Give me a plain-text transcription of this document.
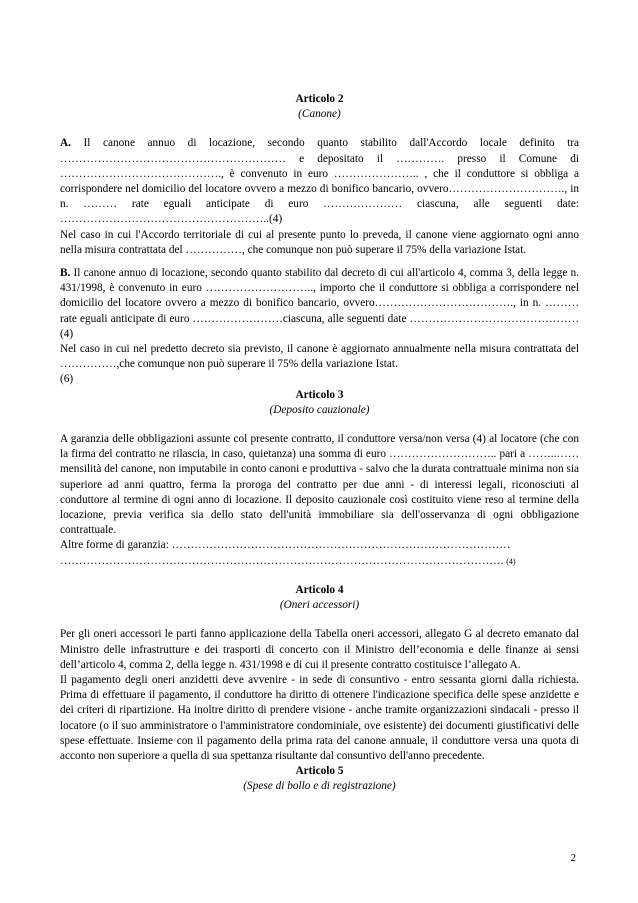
Articolo 2
(Canone)

A. Il canone annuo di locazione, secondo quanto stabilito dall'Accordo locale definito tra …………………………………………………… e depositato il …………. presso il Comune di ……………………………………., è convenuto in euro ………………….. , che il conduttore si obbliga a corrispondere nel domicilio del locatore ovvero a mezzo di bonifico bancario, ovvero…………………………., in n. ……… rate eguali anticipate di euro ………………… ciascuna, alle seguenti date: ………………………………………………..(4)

Nel caso in cui l'Accordo territoriale di cui al presente punto lo preveda, il canone viene aggiornato ogni anno nella misura contrattata del ……………, che comunque non può superare il 75% della variazione Istat.

B. Il canone annuo di locazione, secondo quanto stabilito dal decreto di cui all'articolo 4, comma 3, della legge n. 431/1998, è convenuto in euro ……………………….., importo che il conduttore si obbliga a corrispondere nel domicilio del locatore ovvero a mezzo di bonifico bancario, ovvero………………………………., in n. ……… rate eguali anticipate di euro ……………………ciascuna, alle seguenti date ……………………………………… (4)

Nel caso in cui nel predetto decreto sia previsto, il canone è aggiornato annualmente nella misura contrattata del ……………,che comunque non può superare il 75% della variazione Istat.

(6)

Articolo 3
(Deposito cauzionale)

A garanzia delle obbligazioni assunte col presente contratto, il conduttore versa/non versa (4) al locatore (che con la firma del contratto ne rilascia, in caso, quietanza) una somma di euro ……………………….. pari a ……..…… mensilità del canone, non imputabile in conto canoni e produttiva - salvo che la durata contrattuale minima non sia superiore ad anni quattro, ferma la proroga del contratto per due anni - di interessi legali, riconosciuti al conduttore al termine di ogni anno di locazione. Il deposito cauzionale così costituito viene reso al termine della locazione, previa verifica sia dello stato dell'unità immobiliare sia dell'osservanza di ogni obbligazione contrattuale.

Altre forme di garanzia: ………………………………………………………………………………

………………………………………………………………………………………………………. (4)

Articolo 4
(Oneri accessori)

Per gli oneri accessori le parti fanno applicazione della Tabella oneri accessori, allegato G al decreto emanato dal Ministro delle infrastrutture e dei trasporti di concerto con il Ministro dell’economia e delle finanze ai sensi dell’articolo 4, comma 2, della legge n. 431/1998 e di cui il presente contratto costituisce l’allegato A.

Il pagamento degli oneri anzidetti deve avvenire - in sede di consuntivo - entro sessanta giorni dalla richiesta. Prima di effettuare il pagamento, il conduttore ha diritto di ottenere l'indicazione specifica delle spese anzidette e dei criteri di ripartizione. Ha inoltre diritto di prendere visione - anche tramite organizzazioni sindacali - presso il locatore (o il suo amministratore o l'amministratore condominiale, ove esistente) dei documenti giustificativi delle spese effettuate. Insieme con il pagamento della prima rata del canone annuale, il conduttore versa una quota di acconto non superiore a quella di sua spettanza risultante dal consuntivo dell'anno precedente.

Articolo 5
(Spese di bollo e di registrazione)
2
